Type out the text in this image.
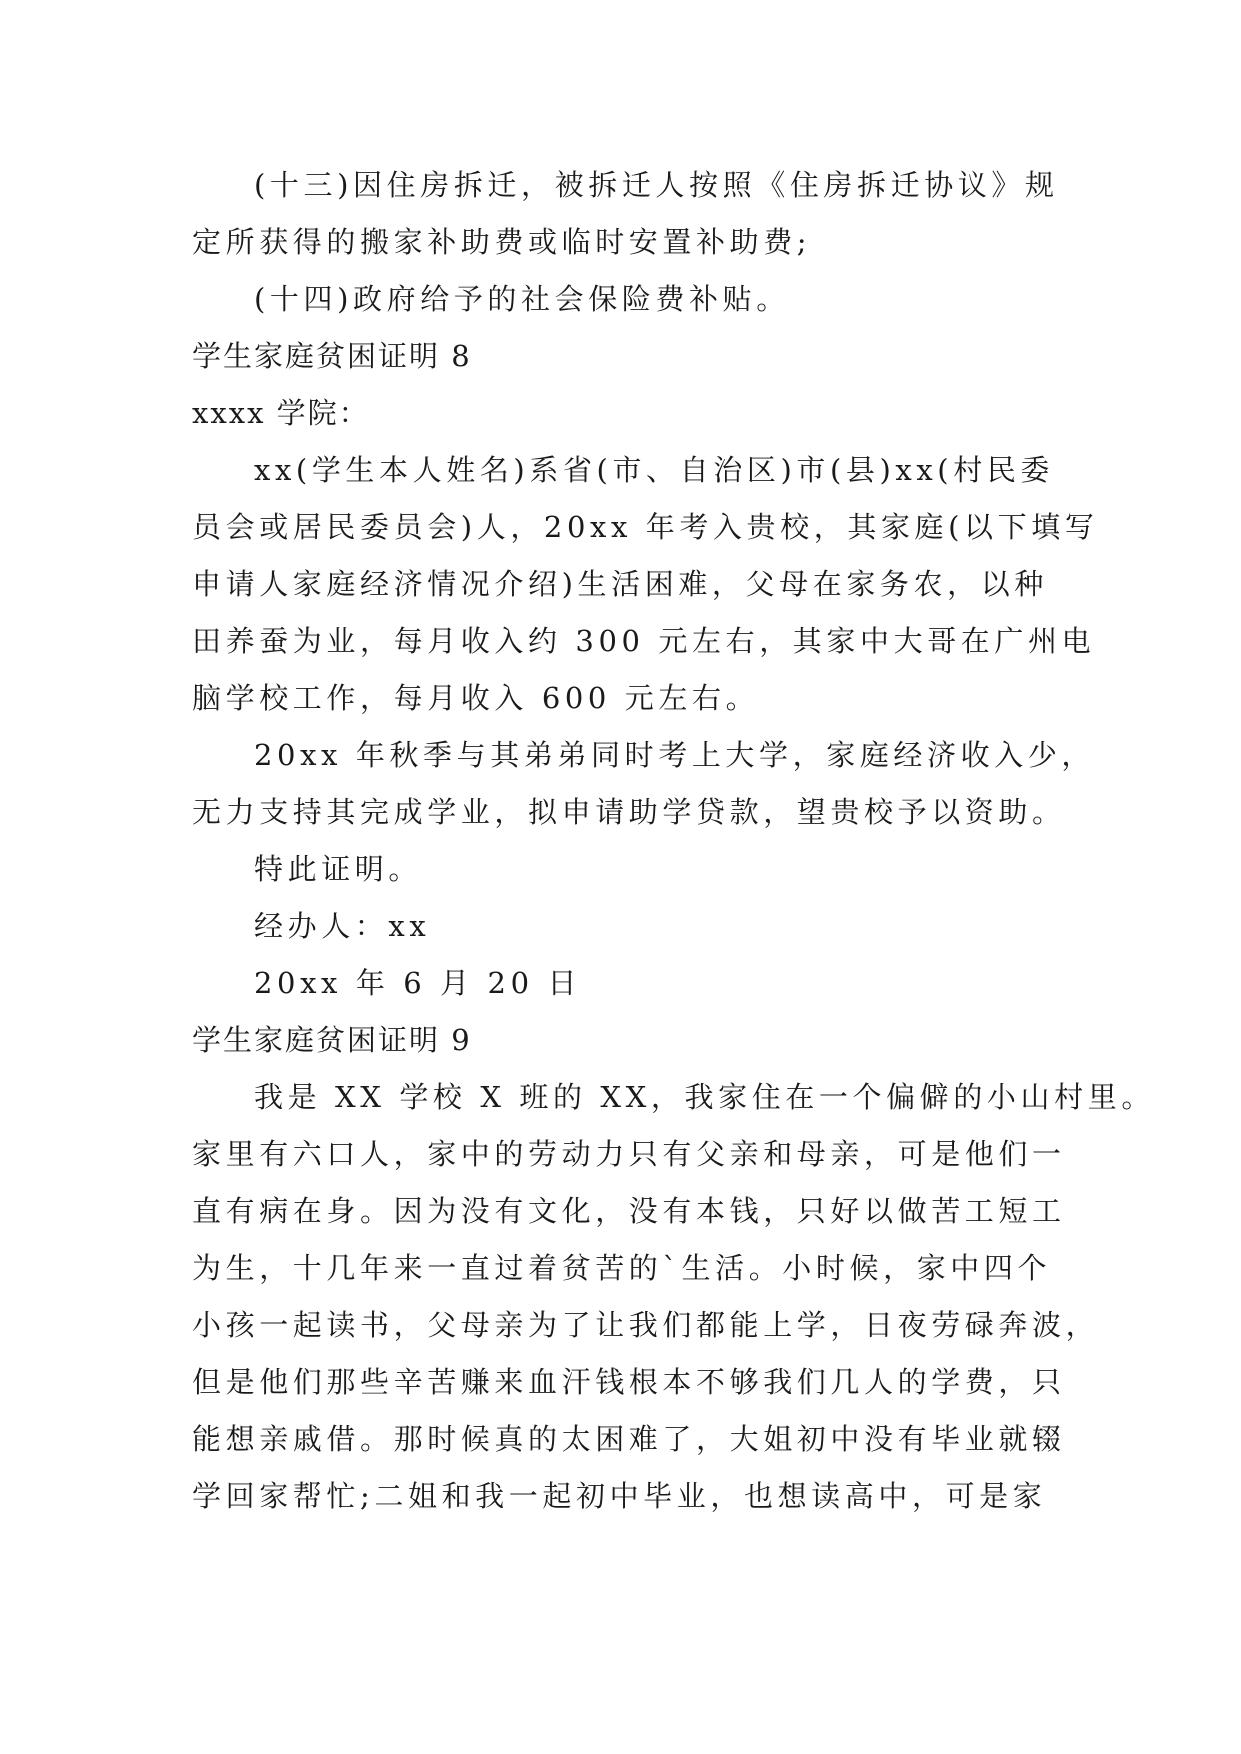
(十三)因住房拆迁，被拆迁人按照《住房拆迁协议》规
定所获得的搬家补助费或临时安置补助费;
(十四)政府给予的社会保险费补贴。
学生家庭贫困证明 8
xxxx 学院：
xx(学生本人姓名)系省(市、自治区)市(县)xx(村民委
员会或居民委员会)人，20xx 年考入贵校，其家庭(以下填写
申请人家庭经济情况介绍)生活困难，父母在家务农，以种
田养蚕为业，每月收入约 300 元左右，其家中大哥在广州电
脑学校工作，每月收入 600 元左右。
20xx 年秋季与其弟弟同时考上大学，家庭经济收入少，
无力支持其完成学业，拟申请助学贷款，望贵校予以资助。
特此证明。
经办人：xx
20xx 年 6 月 20 日
学生家庭贫困证明 9
我是 XX 学校 X 班的 XX，我家住在一个偏僻的小山村里。
家里有六口人，家中的劳动力只有父亲和母亲，可是他们一
直有病在身。因为没有文化，没有本钱，只好以做苦工短工
为生，十几年来一直过着贫苦的`生活。小时候，家中四个
小孩一起读书，父母亲为了让我们都能上学，日夜劳碌奔波，
但是他们那些辛苦赚来血汗钱根本不够我们几人的学费，只
能想亲戚借。那时候真的太困难了，大姐初中没有毕业就辍
学回家帮忙;二姐和我一起初中毕业，也想读高中，可是家
